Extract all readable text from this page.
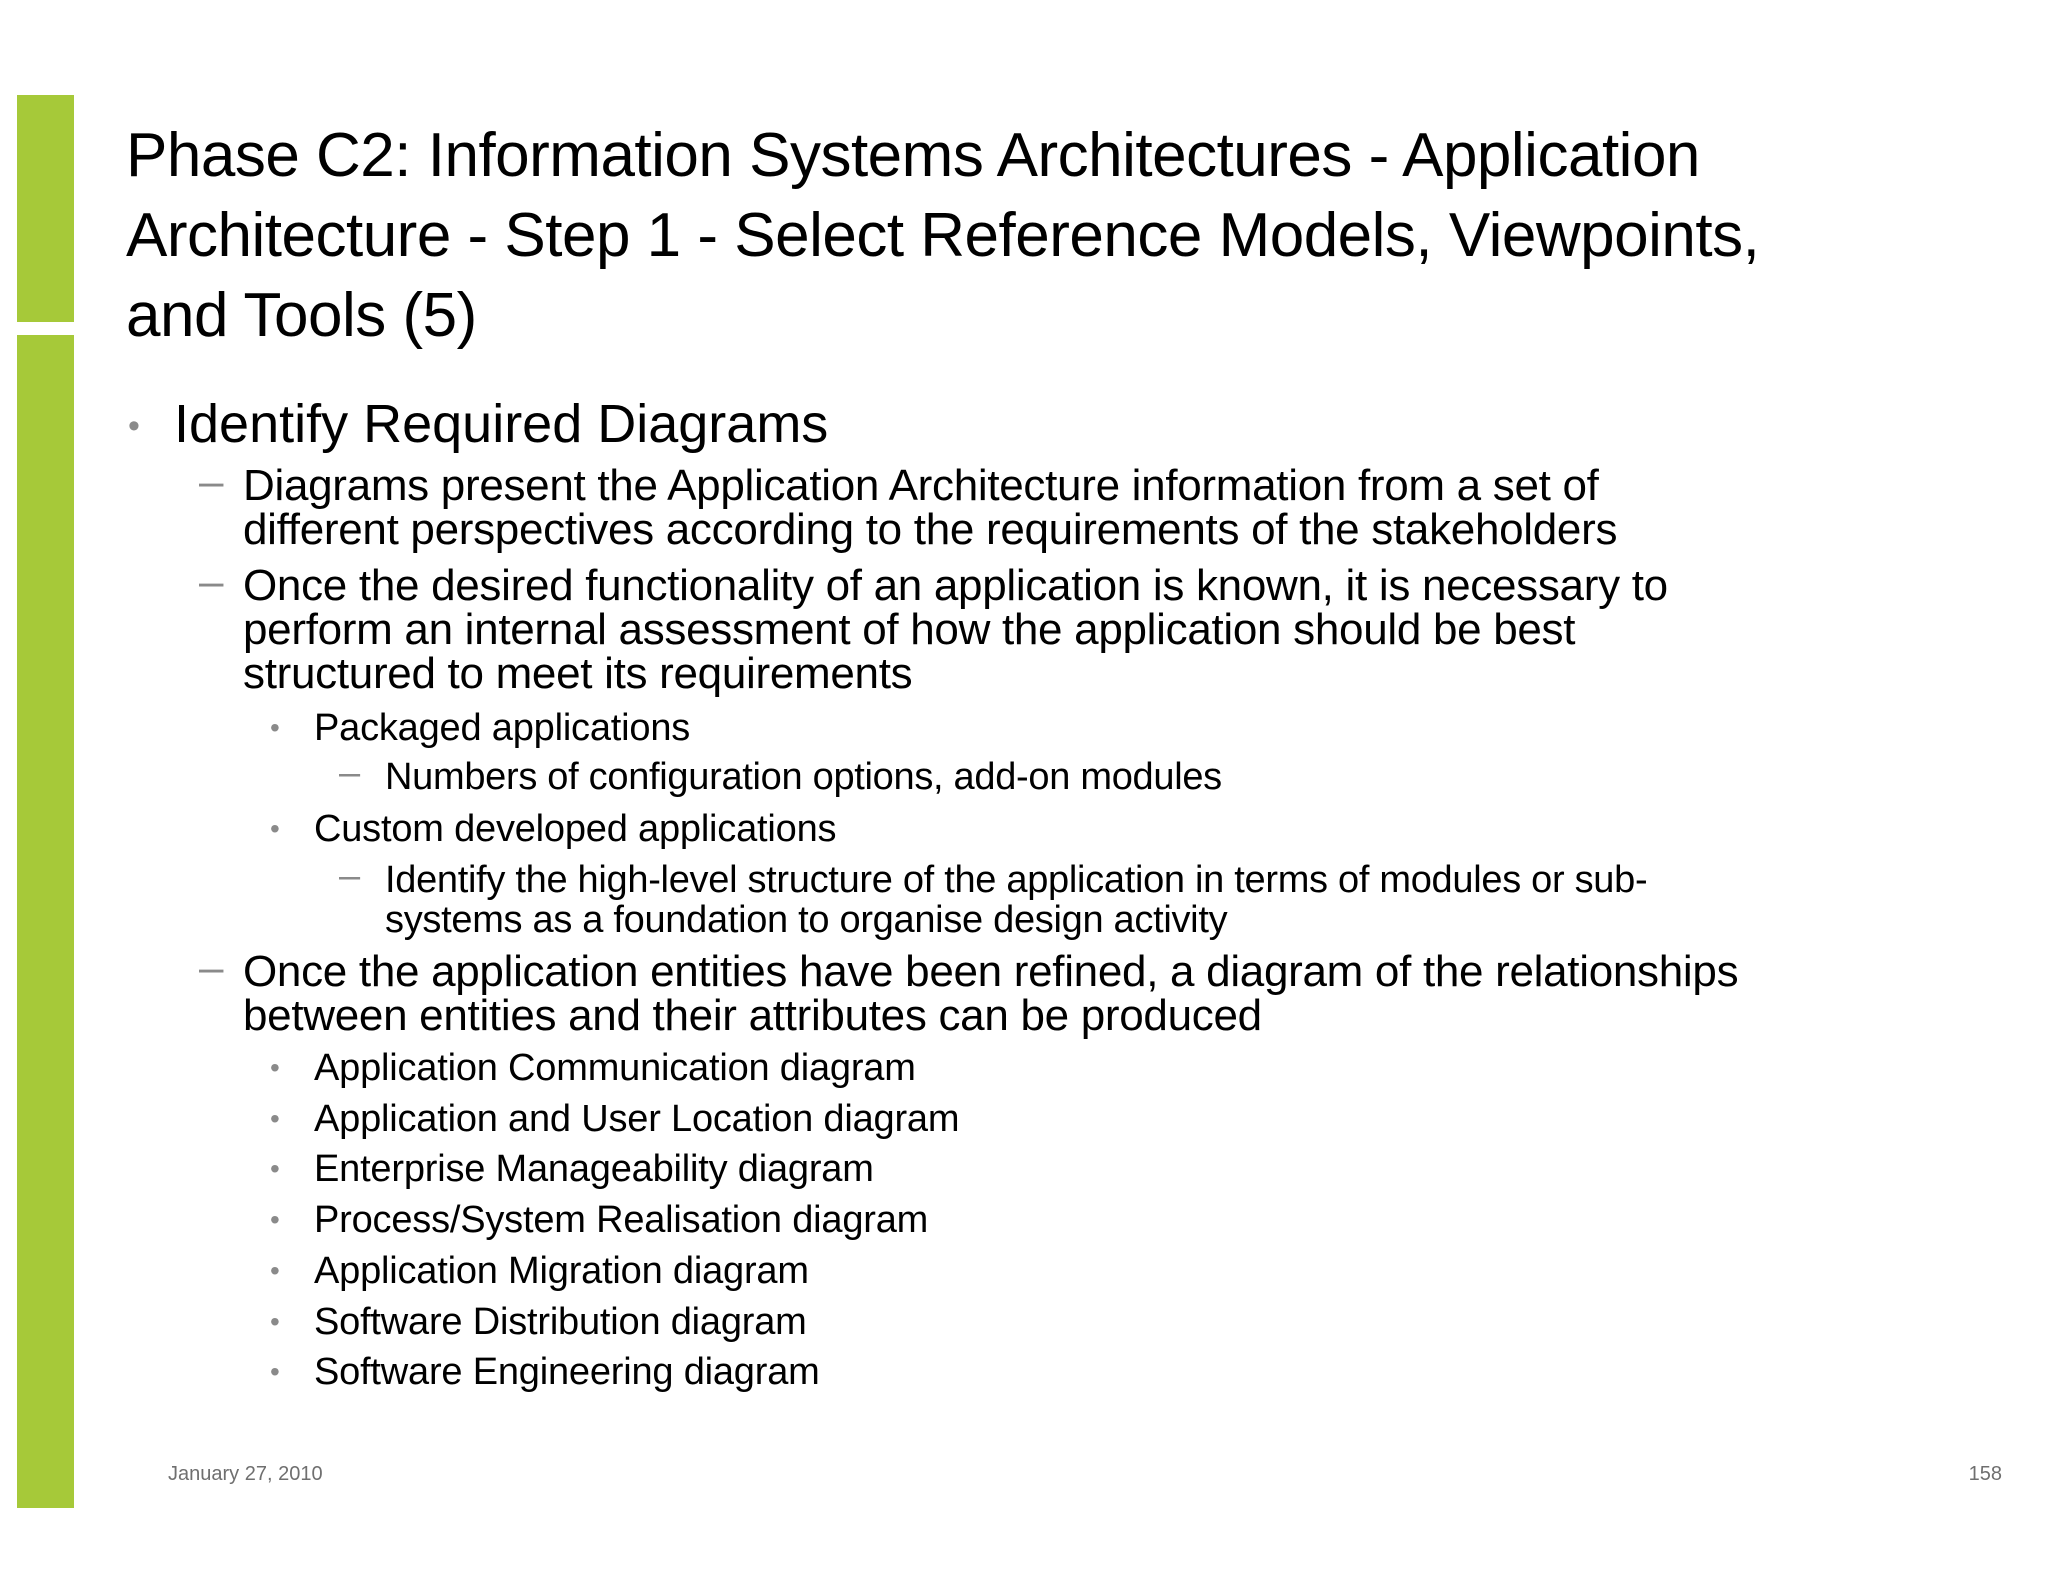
Phase C2: Information Systems Architectures - Application
Architecture - Step 1 - Select Reference Models, Viewpoints,
and Tools (5)
• Identify Required Diagrams
– Diagrams present the Application Architecture information from a set of
different perspectives according to the requirements of the stakeholders
– Once the desired functionality of an application is known, it is necessary to
perform an internal assessment of how the application should be best
structured to meet its requirements
• Packaged applications
– Numbers of configuration options, add-on modules
• Custom developed applications
– Identify the high-level structure of the application in terms of modules or sub-
systems as a foundation to organise design activity
– Once the application entities have been refined, a diagram of the relationships
between entities and their attributes can be produced
• Application Communication diagram
• Application and User Location diagram
• Enterprise Manageability diagram
• Process/System Realisation diagram
• Application Migration diagram
• Software Distribution diagram
• Software Engineering diagram
January 27, 2010	158
